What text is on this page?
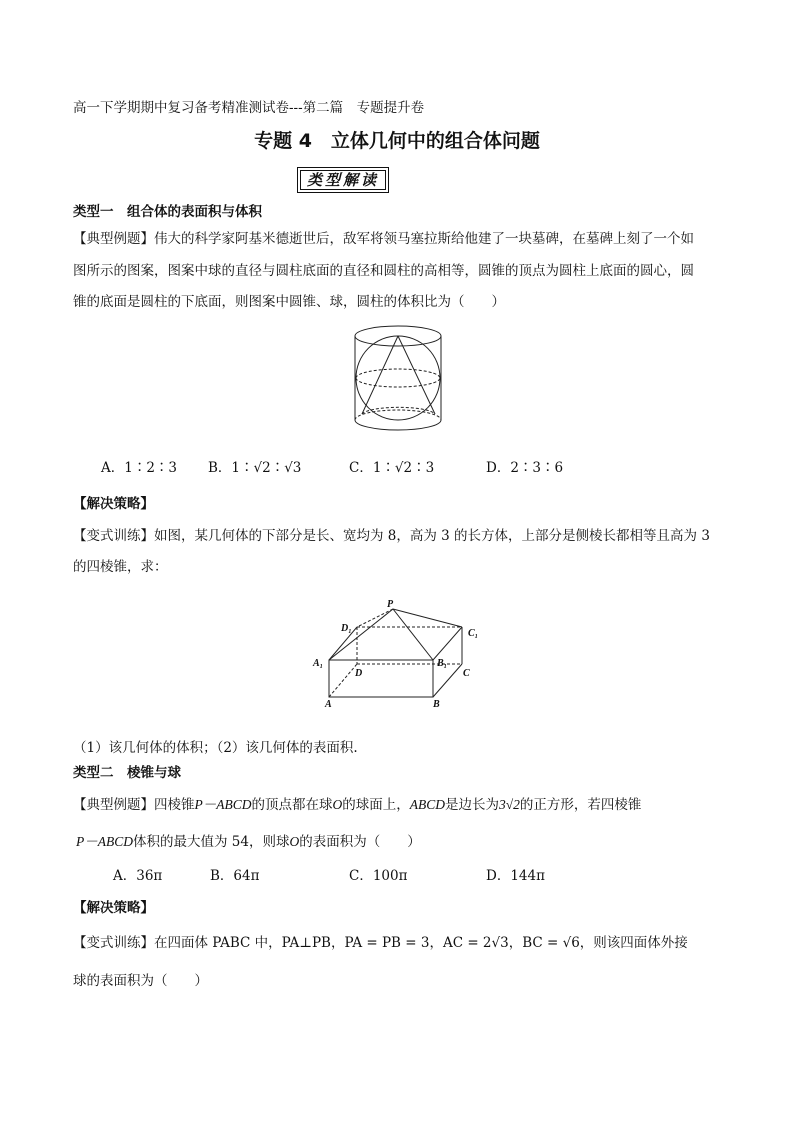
高一下学期期中复习备考精准测试卷---第二篇　专题提升卷
专题 4　立体几何中的组合体问题
类型解读
类型一　组合体的表面积与体积
【典型例题】伟大的科学家阿基米德逝世后，敌军将领马塞拉斯给他建了一块墓碑，在墓碑上刻了一个如
图所示的图案，图案中球的直径与圆柱底面的直径和圆柱的高相等，圆锥的顶点为圆柱上底面的圆心，圆
锥的底面是圆柱的下底面，则图案中圆锥、球，圆柱的体积比为（　　）
A．1∶2∶3 B．1∶√2∶√3	C．1∶√2∶3	D．2∶3∶6
【解决策略】
【变式训练】如图，某几何体的下部分是长、宽均为 8，高为 3 的长方体，上部分是侧棱长都相等且高为 3
的四棱锥，求：
P
D₁	C₁
A₁
D
B₁
C
A	B
（1）该几何体的体积；（2）该几何体的表面积.
类型二　棱锥与球
【典型例题】四棱锥P－ABCD的顶点都在球O的球面上，ABCD是边长为3√2的正方形，若四棱锥
P－ABCD体积的最大值为 54，则球O的表面积为（　　）
A．36π	B．64π	C．100π	D．144π
【解决策略】
【变式训练】在四面体 PABC 中，PA⊥PB，PA = PB = 3，AC = 2√3，BC = √6，则该四面体外接
球的表面积为（　　）
